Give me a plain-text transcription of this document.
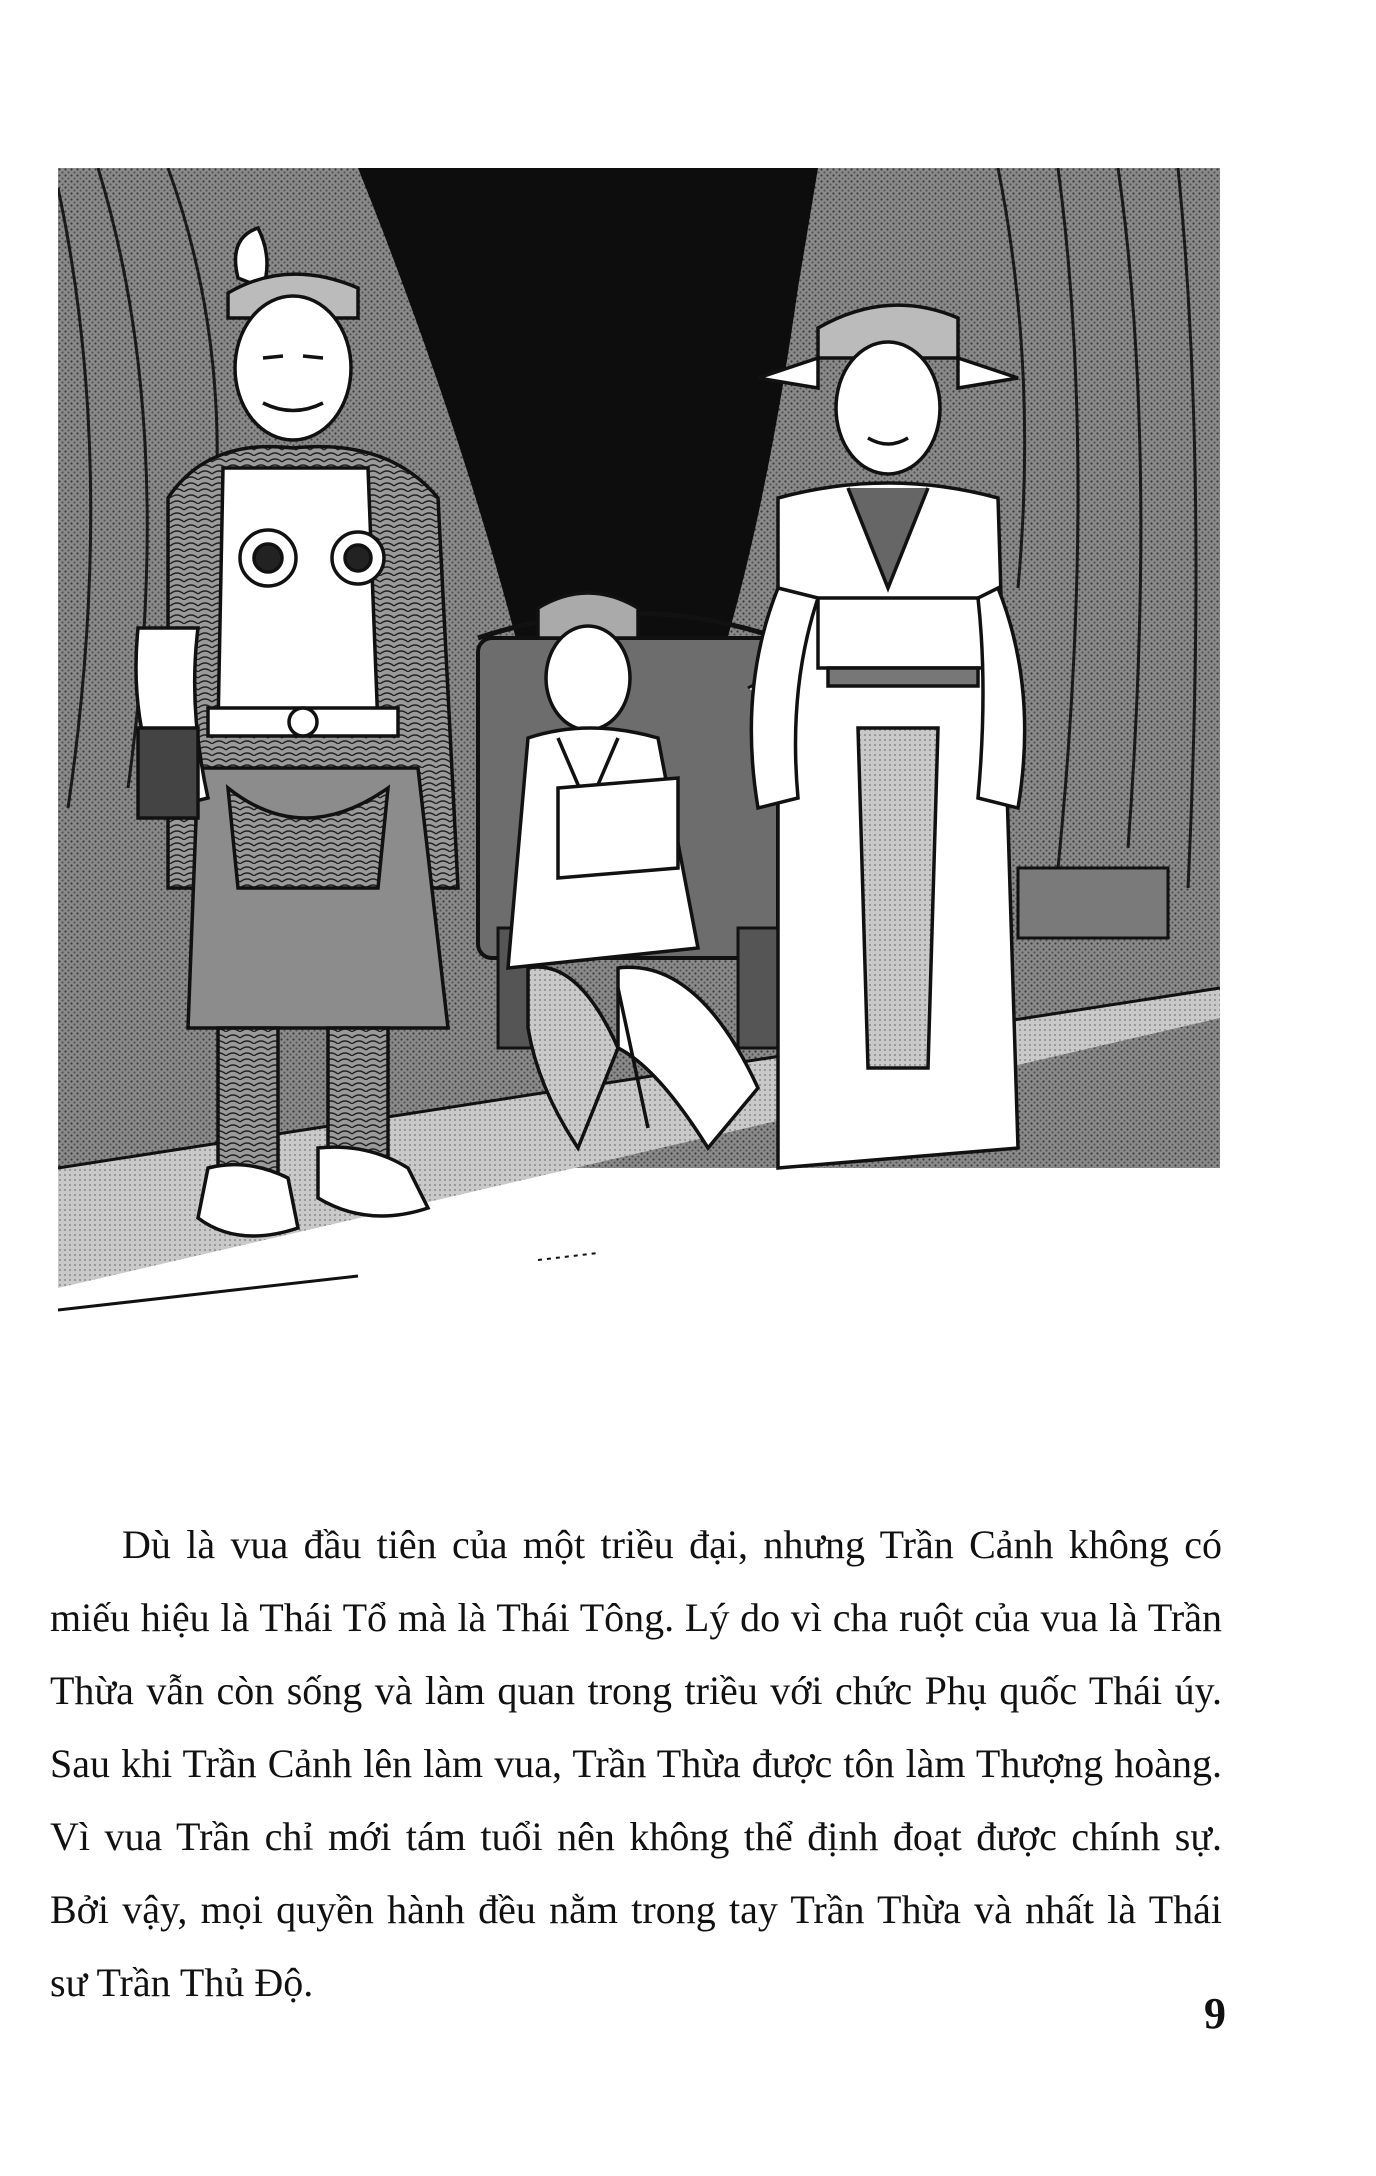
Dù là vua đầu tiên của một triều đại, nhưng Trần Cảnh không có miếu hiệu là Thái Tổ mà là Thái Tông. Lý do vì cha ruột của vua là Trần Thừa vẫn còn sống và làm quan trong triều với chức Phụ quốc Thái úy. Sau khi Trần Cảnh lên làm vua, Trần Thừa được tôn làm Thượng hoàng. Vì vua Trần chỉ mới tám tuổi nên không thể định đoạt được chính sự. Bởi vậy, mọi quyền hành đều nằm trong tay Trần Thừa và nhất là Thái sư Trần Thủ Độ.

9
